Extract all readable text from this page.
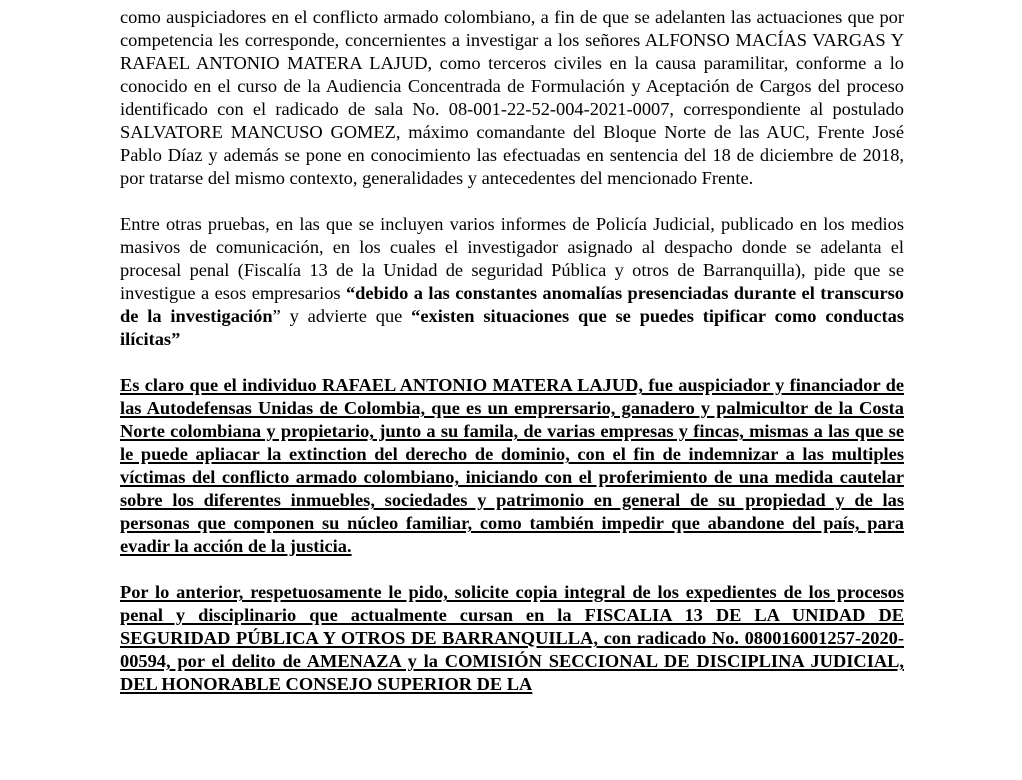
como auspiciadores en el conflicto armado colombiano, a fin de que se adelanten las actuaciones que por competencia les corresponde, concernientes a investigar a los señores ALFONSO MACÍAS VARGAS Y RAFAEL ANTONIO MATERA LAJUD, como terceros civiles en la causa paramilitar, conforme a lo conocido en el curso de la Audiencia Concentrada de Formulación y Aceptación de Cargos del proceso identificado con el radicado de sala No. 08-001-22-52-004-2021-0007, correspondiente al postulado SALVATORE MANCUSO GOMEZ, máximo comandante del Bloque Norte de las AUC, Frente José Pablo Díaz y además se pone en conocimiento las efectuadas en sentencia del 18 de diciembre de 2018, por tratarse del mismo contexto, generalidades y antecedentes del mencionado Frente.

Entre otras pruebas, en las que se incluyen varios informes de Policía Judicial, publicado en los medios masivos de comunicación, en los cuales el investigador asignado al despacho donde se adelanta el procesal penal (Fiscalía 13 de la Unidad de seguridad Pública y otros de Barranquilla), pide que se investigue a esos empresarios “debido a las constantes anomalías presenciadas durante el transcurso de la investigación” y advierte que “existen situaciones que se puedes tipificar como conductas ilícitas”

Es claro que el individuo RAFAEL ANTONIO MATERA LAJUD, fue auspiciador y financiador de las Autodefensas Unidas de Colombia, que es un emprersario, ganadero y palmicultor de la Costa Norte colombiana y propietario, junto a su famila, de varias empresas y fincas, mismas a las que se le puede apliacar la extinction del derecho de dominio, con el fin de indemnizar a las multiples víctimas del conflicto armado colombiano, iniciando con el proferimiento de una medida cautelar sobre los diferentes inmuebles, sociedades y patrimonio en general de su propiedad y de las personas que componen su núcleo familiar, como también impedir que abandone del país, para evadir la acción de la justicia.

Por lo anterior, respetuosamente le pido, solicite copia integral de los expedientes de los procesos penal y disciplinario que actualmente cursan en la FISCALIA 13 DE LA UNIDAD DE SEGURIDAD PÚBLICA Y OTROS DE BARRANQUILLA, con radicado No. 080016001257-2020-00594, por el delito de AMENAZA y la COMISIÓN SECCIONAL DE DISCIPLINA JUDICIAL, DEL HONORABLE CONSEJO SUPERIOR DE LA
